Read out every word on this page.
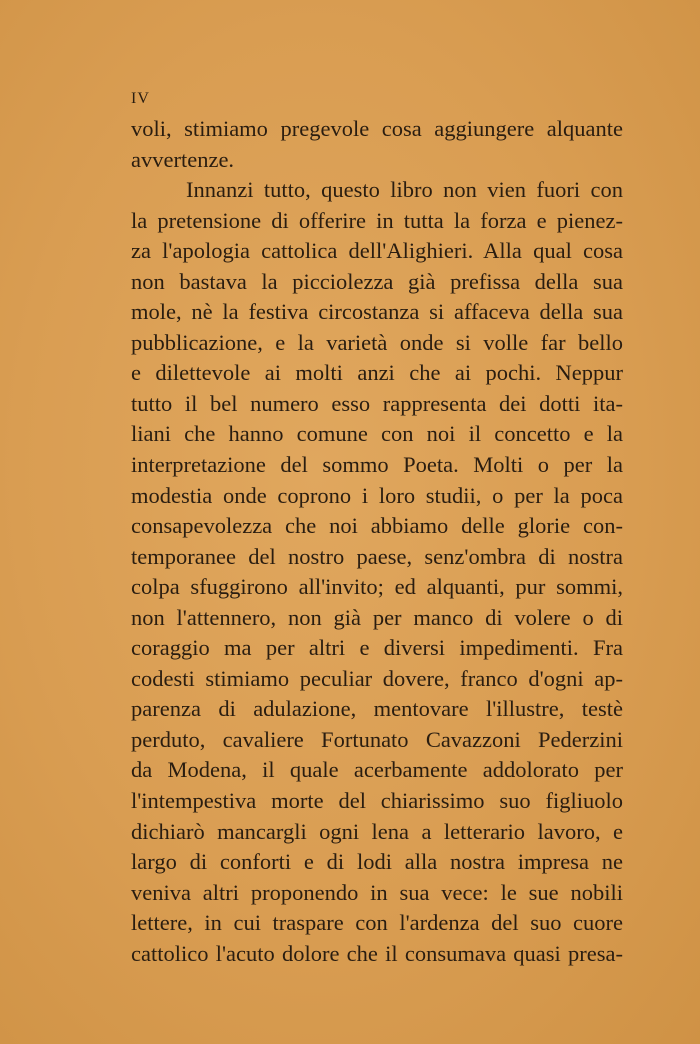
IV
voli, stimiamo pregevole cosa aggiungere alquante
avvertenze.
Innanzi tutto, questo libro non vien fuori con
la pretensione di offerire in tutta la forza e pienez-
za l'apologia cattolica dell'Alighieri. Alla qual cosa
non bastava la picciolezza già prefissa della sua
mole, nè la festiva circostanza si affaceva della sua
pubblicazione, e la varietà onde si volle far bello
e dilettevole ai molti anzi che ai pochi. Neppur
tutto il bel numero esso rappresenta dei dotti ita-
liani che hanno comune con noi il concetto e la
interpretazione del sommo Poeta. Molti o per la
modestia onde coprono i loro studii, o per la poca
consapevolezza che noi abbiamo delle glorie con-
temporanee del nostro paese, senz'ombra di nostra
colpa sfuggirono all'invito; ed alquanti, pur sommi,
non l'attennero, non già per manco di volere o di
coraggio ma per altri e diversi impedimenti. Fra
codesti stimiamo peculiar dovere, franco d'ogni ap-
parenza di adulazione, mentovare l'illustre, testè
perduto, cavaliere Fortunato Cavazzoni Pederzini
da Modena, il quale acerbamente addolorato per
l'intempestiva morte del chiarissimo suo figliuolo
dichiarò mancargli ogni lena a letterario lavoro, e
largo di conforti e di lodi alla nostra impresa ne
veniva altri proponendo in sua vece: le sue nobili
lettere, in cui traspare con l'ardenza del suo cuore
cattolico l'acuto dolore che il consumava quasi presa-
